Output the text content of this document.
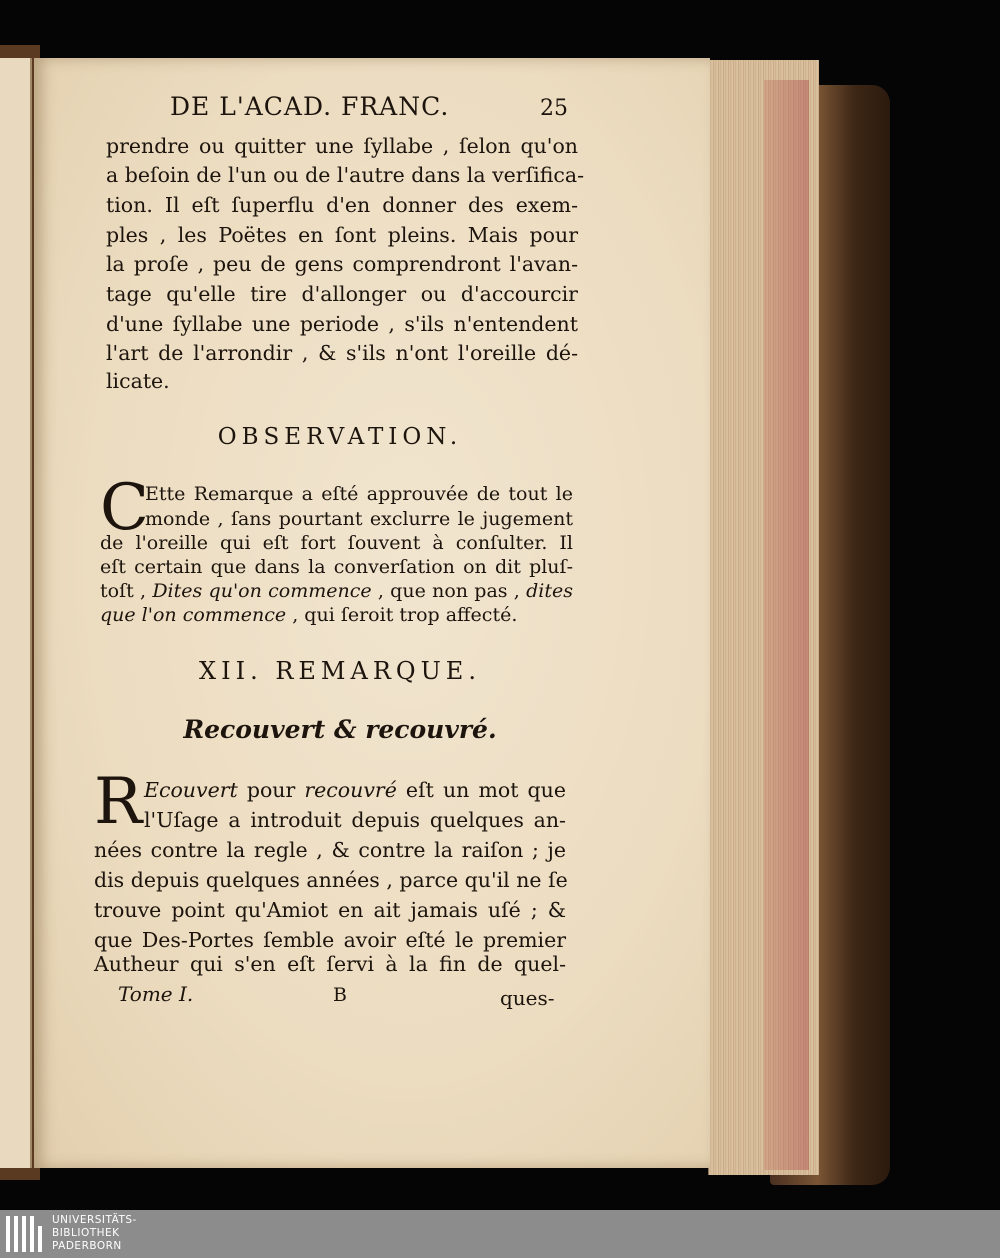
DE L'ACAD. FRANC.	25
prendre ou quitter une ſyllabe , ſelon qu'on
a beſoin de l'un ou de l'autre dans la verſifica-
tion. Il eſt ſuperflu d'en donner des exem-
ples , les Poëtes en ſont pleins. Mais pour
la proſe , peu de gens comprendront l'avan-
tage qu'elle tire d'allonger ou d'accourcir
d'une ſyllabe une periode , s'ils n'entendent
l'art de l'arrondir , & s'ils n'ont l'oreille dé-
licate.
OBSERVATION.
C
Ette Remarque a eſté approuvée de tout le
monde , ſans pourtant exclurre le jugement
de l'oreille qui eſt fort ſouvent à conſulter. Il
eſt certain que dans la converſation on dit pluſ-
toſt , Dites qu'on commence , que non pas , dites
que l'on commence , qui ſeroit trop affecté.
XII. REMARQUE.
Recouvert & recouvré.
R Ecouvert pour recouvré eſt un mot que
l'Uſage a introduit depuis quelques an-
nées contre la regle , & contre la raiſon ; je
dis depuis quelques années , parce qu'il ne ſe
trouve point qu'Amiot en ait jamais uſé ; &
que Des-Portes ſemble avoir eſté le premier
Autheur qui s'en eſt ſervi à la fin de quel-
Tome I.	B	ques-
UNIVERSITÄTS-
BIBLIOTHEK
PADERBORN
